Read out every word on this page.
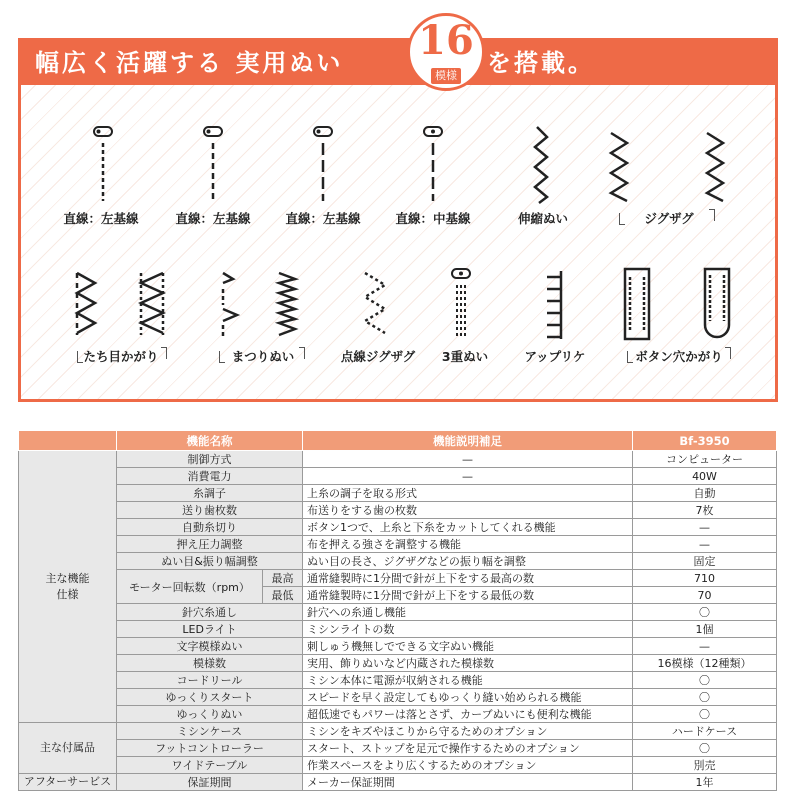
幅広く活躍する 実用ぬい	を搭載。
16
模様
直線：左基線	直線：左基線	直線：左基線	直線：中基線	伸縮ぬい	ジグザグ
たち目かがり	まつりぬい	点線ジグザグ	3重ぬい	アップリケ	ボタン穴かがり
	機能名称		機能説明補足	Bf-3950
主な機能
仕様	制御方式		—	コンピューター
	消費電力		—	40W
	糸調子		上糸の調子を取る形式	自動
	送り歯枚数		布送りをする歯の枚数	7枚
	自動糸切り		ボタン1つで、上糸と下糸をカットしてくれる機能	—
	押え圧力調整		布を押える強さを調整する機能	—
	ぬい目&振り幅調整		ぬい目の長さ、ジグザグなどの振り幅を調整	固定
	モーター回転数（rpm）	最高	通常縫製時に1分間で針が上下をする最高の数	710
		最低	通常縫製時に1分間で針が上下をする最低の数	70
	針穴糸通し		針穴への糸通し機能	〇
	LEDライト		ミシンライトの数	1個
	文字模様ぬい		刺しゅう機無しでできる文字ぬい機能	—
	模様数		実用、飾りぬいなど内蔵された模様数	16模様（12種類）
	コードリール		ミシン本体に電源が収納される機能	〇
	ゆっくりスタート		スピードを早く設定してもゆっくり縫い始められる機能	〇
	ゆっくりぬい		超低速でもパワーは落とさず、カーブぬいにも便利な機能	〇
主な付属品	ミシンケース		ミシンをキズやほこりから守るためのオプション	ハードケース
	フットコントローラー		スタート、ストップを足元で操作するためのオプション	〇
	ワイドテーブル		作業スペースをより広くするためのオプション	別売
アフターサービス	保証期間		メーカー保証期間	1年
